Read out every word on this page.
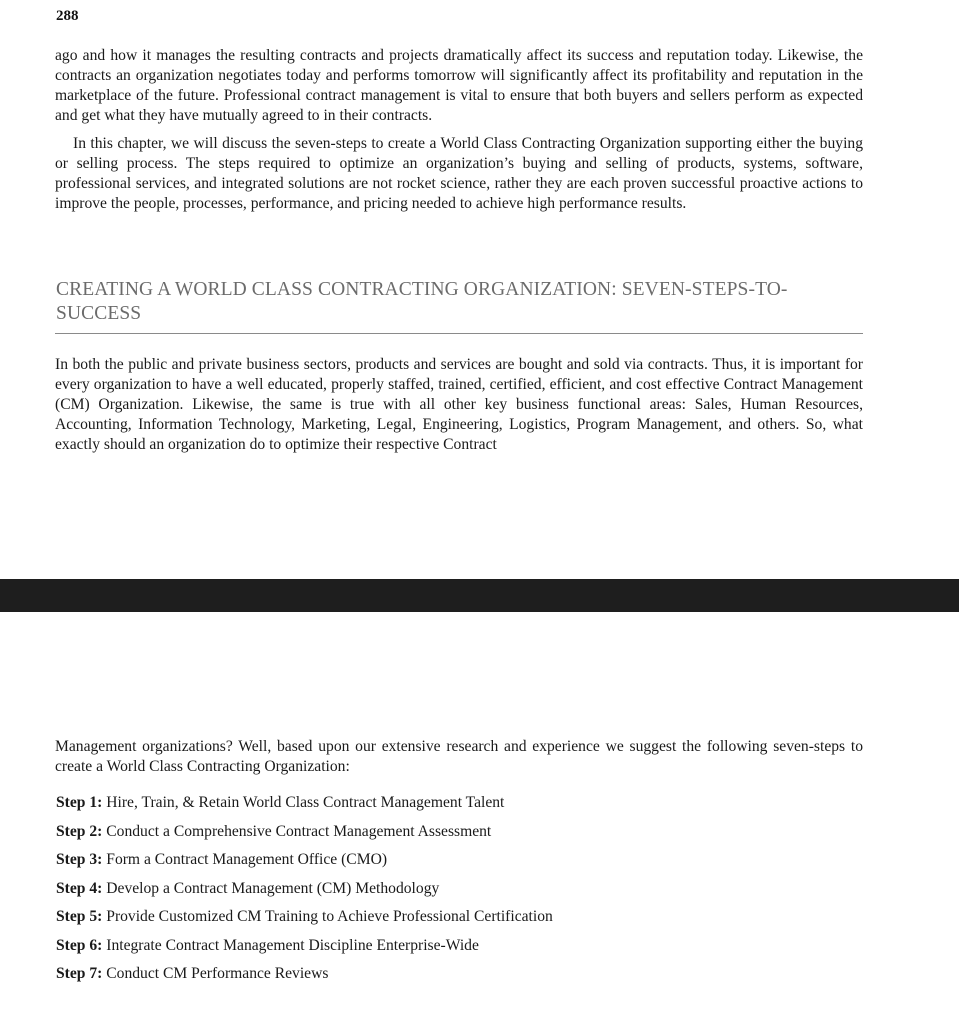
288

ago and how it manages the resulting contracts and projects dramatically affect its success and reputation today. Likewise, the contracts an organization negotiates today and performs tomorrow will significantly affect its profitability and reputation in the marketplace of the future. Professional contract management is vital to ensure that both buyers and sellers perform as expected and get what they have mutually agreed to in their contracts.

In this chapter, we will discuss the seven-steps to create a World Class Contracting Organization supporting either the buying or selling process. The steps required to optimize an organization’s buying and selling of products, systems, software, professional services, and integrated solutions are not rocket science, rather they are each proven successful proactive actions to improve the people, processes, performance, and pricing needed to achieve high performance results.

CREATING A WORLD CLASS CONTRACTING ORGANIZATION: SEVEN-STEPS-TO-SUCCESS

In both the public and private business sectors, products and services are bought and sold via contracts. Thus, it is important for every organization to have a well educated, properly staffed, trained, certified, efficient, and cost effective Contract Management (CM) Organization. Likewise, the same is true with all other key business functional areas: Sales, Human Resources, Accounting, Information Technology, Marketing, Legal, Engineering, Logistics, Program Management, and others. So, what exactly should an organization do to optimize their respective Contract

Management organizations? Well, based upon our extensive research and experience we suggest the following seven-steps to create a World Class Contracting Organization:

Step 1: Hire, Train, & Retain World Class Contract Management Talent
Step 2: Conduct a Comprehensive Contract Management Assessment
Step 3: Form a Contract Management Office (CMO)
Step 4: Develop a Contract Management (CM) Methodology
Step 5: Provide Customized CM Training to Achieve Professional Certification
Step 6: Integrate Contract Management Discipline Enterprise-Wide
Step 7: Conduct CM Performance Reviews
